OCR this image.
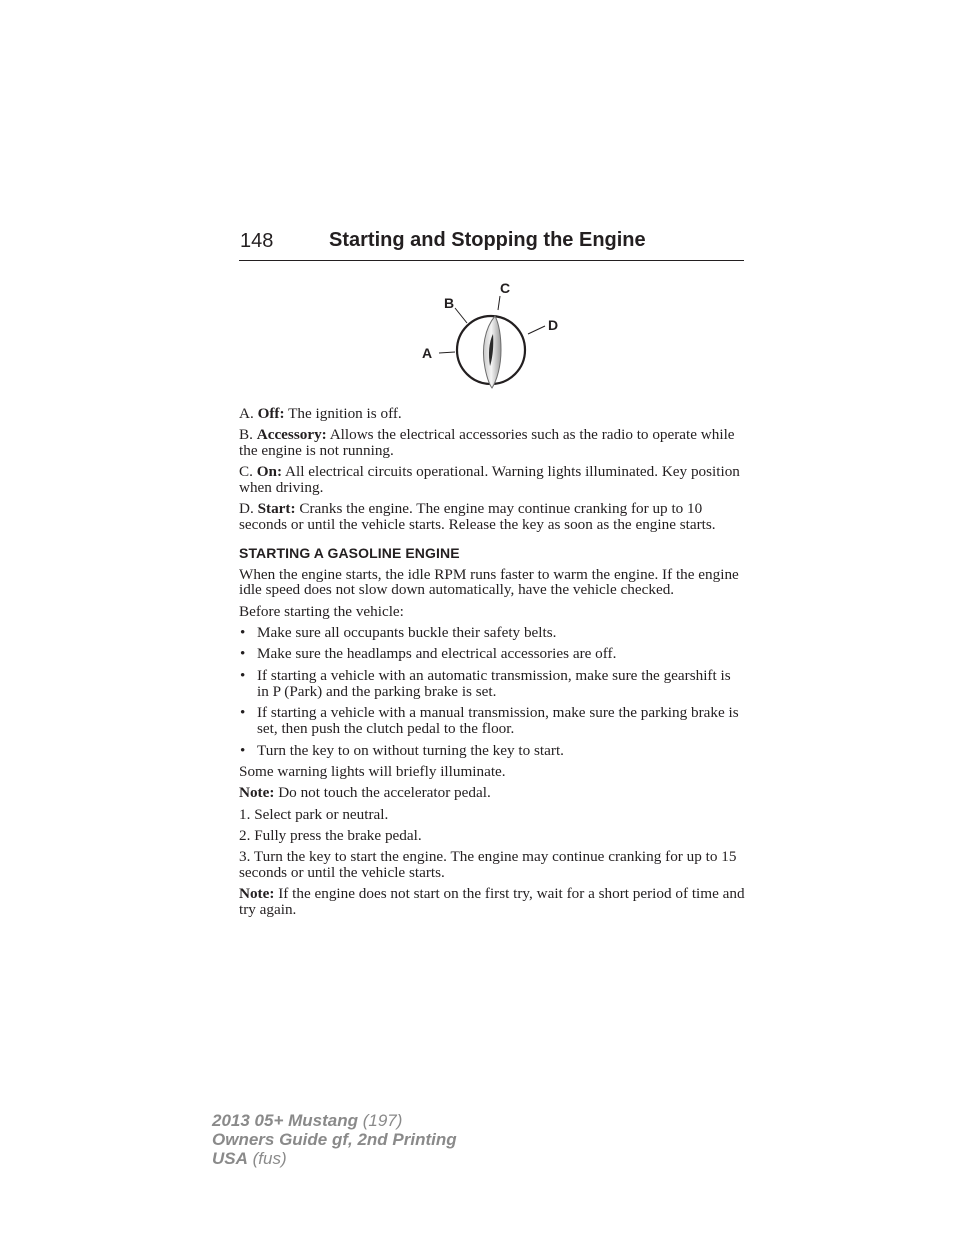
148	Starting and Stopping the Engine
A
B
C
D

A. Off: The ignition is off.

B. Accessory: Allows the electrical accessories such as the radio to operate while the engine is not running.

C. On: All electrical circuits operational. Warning lights illuminated. Key position when driving.

D. Start: Cranks the engine. The engine may continue cranking for up to 10 seconds or until the vehicle starts. Release the key as soon as the engine starts.

STARTING A GASOLINE ENGINE

When the engine starts, the idle RPM runs faster to warm the engine. If the engine idle speed does not slow down automatically, have the vehicle checked.

Before starting the vehicle:

• Make sure all occupants buckle their safety belts.
• Make sure the headlamps and electrical accessories are off.
• If starting a vehicle with an automatic transmission, make sure the gearshift is in P (Park) and the parking brake is set.
• If starting a vehicle with a manual transmission, make sure the parking brake is set, then push the clutch pedal to the floor.
• Turn the key to on without turning the key to start.

Some warning lights will briefly illuminate.

Note: Do not touch the accelerator pedal.

1. Select park or neutral.

2. Fully press the brake pedal.

3. Turn the key to start the engine. The engine may continue cranking for up to 15 seconds or until the vehicle starts.

Note: If the engine does not start on the first try, wait for a short period of time and try again.

2013 05+ Mustang (197)
Owners Guide gf, 2nd Printing
USA (fus)
